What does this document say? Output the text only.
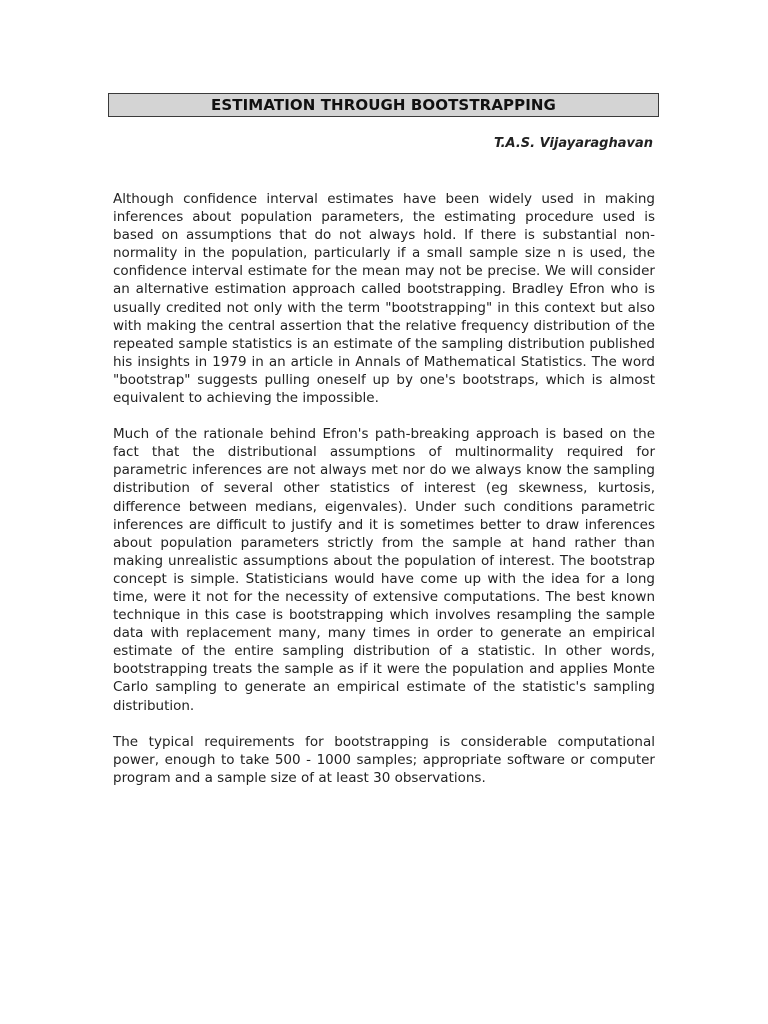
ESTIMATION THROUGH BOOTSTRAPPING
T.A.S. Vijayaraghavan

Although confidence interval estimates have been widely used in making inferences about population parameters, the estimating procedure used is based on assumptions that do not always hold. If there is substantial non-normality in the population, particularly if a small sample size n is used, the confidence interval estimate for the mean may not be precise. We will consider an alternative estimation approach called bootstrapping. Bradley Efron who is usually credited not only with the term "bootstrapping" in this context but also with making the central assertion that the relative frequency distribution of the repeated sample statistics is an estimate of the sampling distribution published his insights in 1979 in an article in Annals of Mathematical Statistics. The word "bootstrap" suggests pulling oneself up by one's bootstraps, which is almost equivalent to achieving the impossible.

Much of the rationale behind Efron's path-breaking approach is based on the fact that the distributional assumptions of multinormality required for parametric inferences are not always met nor do we always know the sampling distribution of several other statistics of interest (eg skewness, kurtosis, difference between medians, eigenvales). Under such conditions parametric inferences are difficult to justify and it is sometimes better to draw inferences about population parameters strictly from the sample at hand rather than making unrealistic assumptions about the population of interest. The bootstrap concept is simple. Statisticians would have come up with the idea for a long time, were it not for the necessity of extensive computations. The best known technique in this case is bootstrapping which involves resampling the sample data with replacement many, many times in order to generate an empirical estimate of the entire sampling distribution of a statistic. In other words, bootstrapping treats the sample as if it were the population and applies Monte Carlo sampling to generate an empirical estimate of the statistic's sampling distribution.

The typical requirements for bootstrapping is considerable computational power, enough to take 500 - 1000 samples; appropriate software or computer program and a sample size of at least 30 observations.
